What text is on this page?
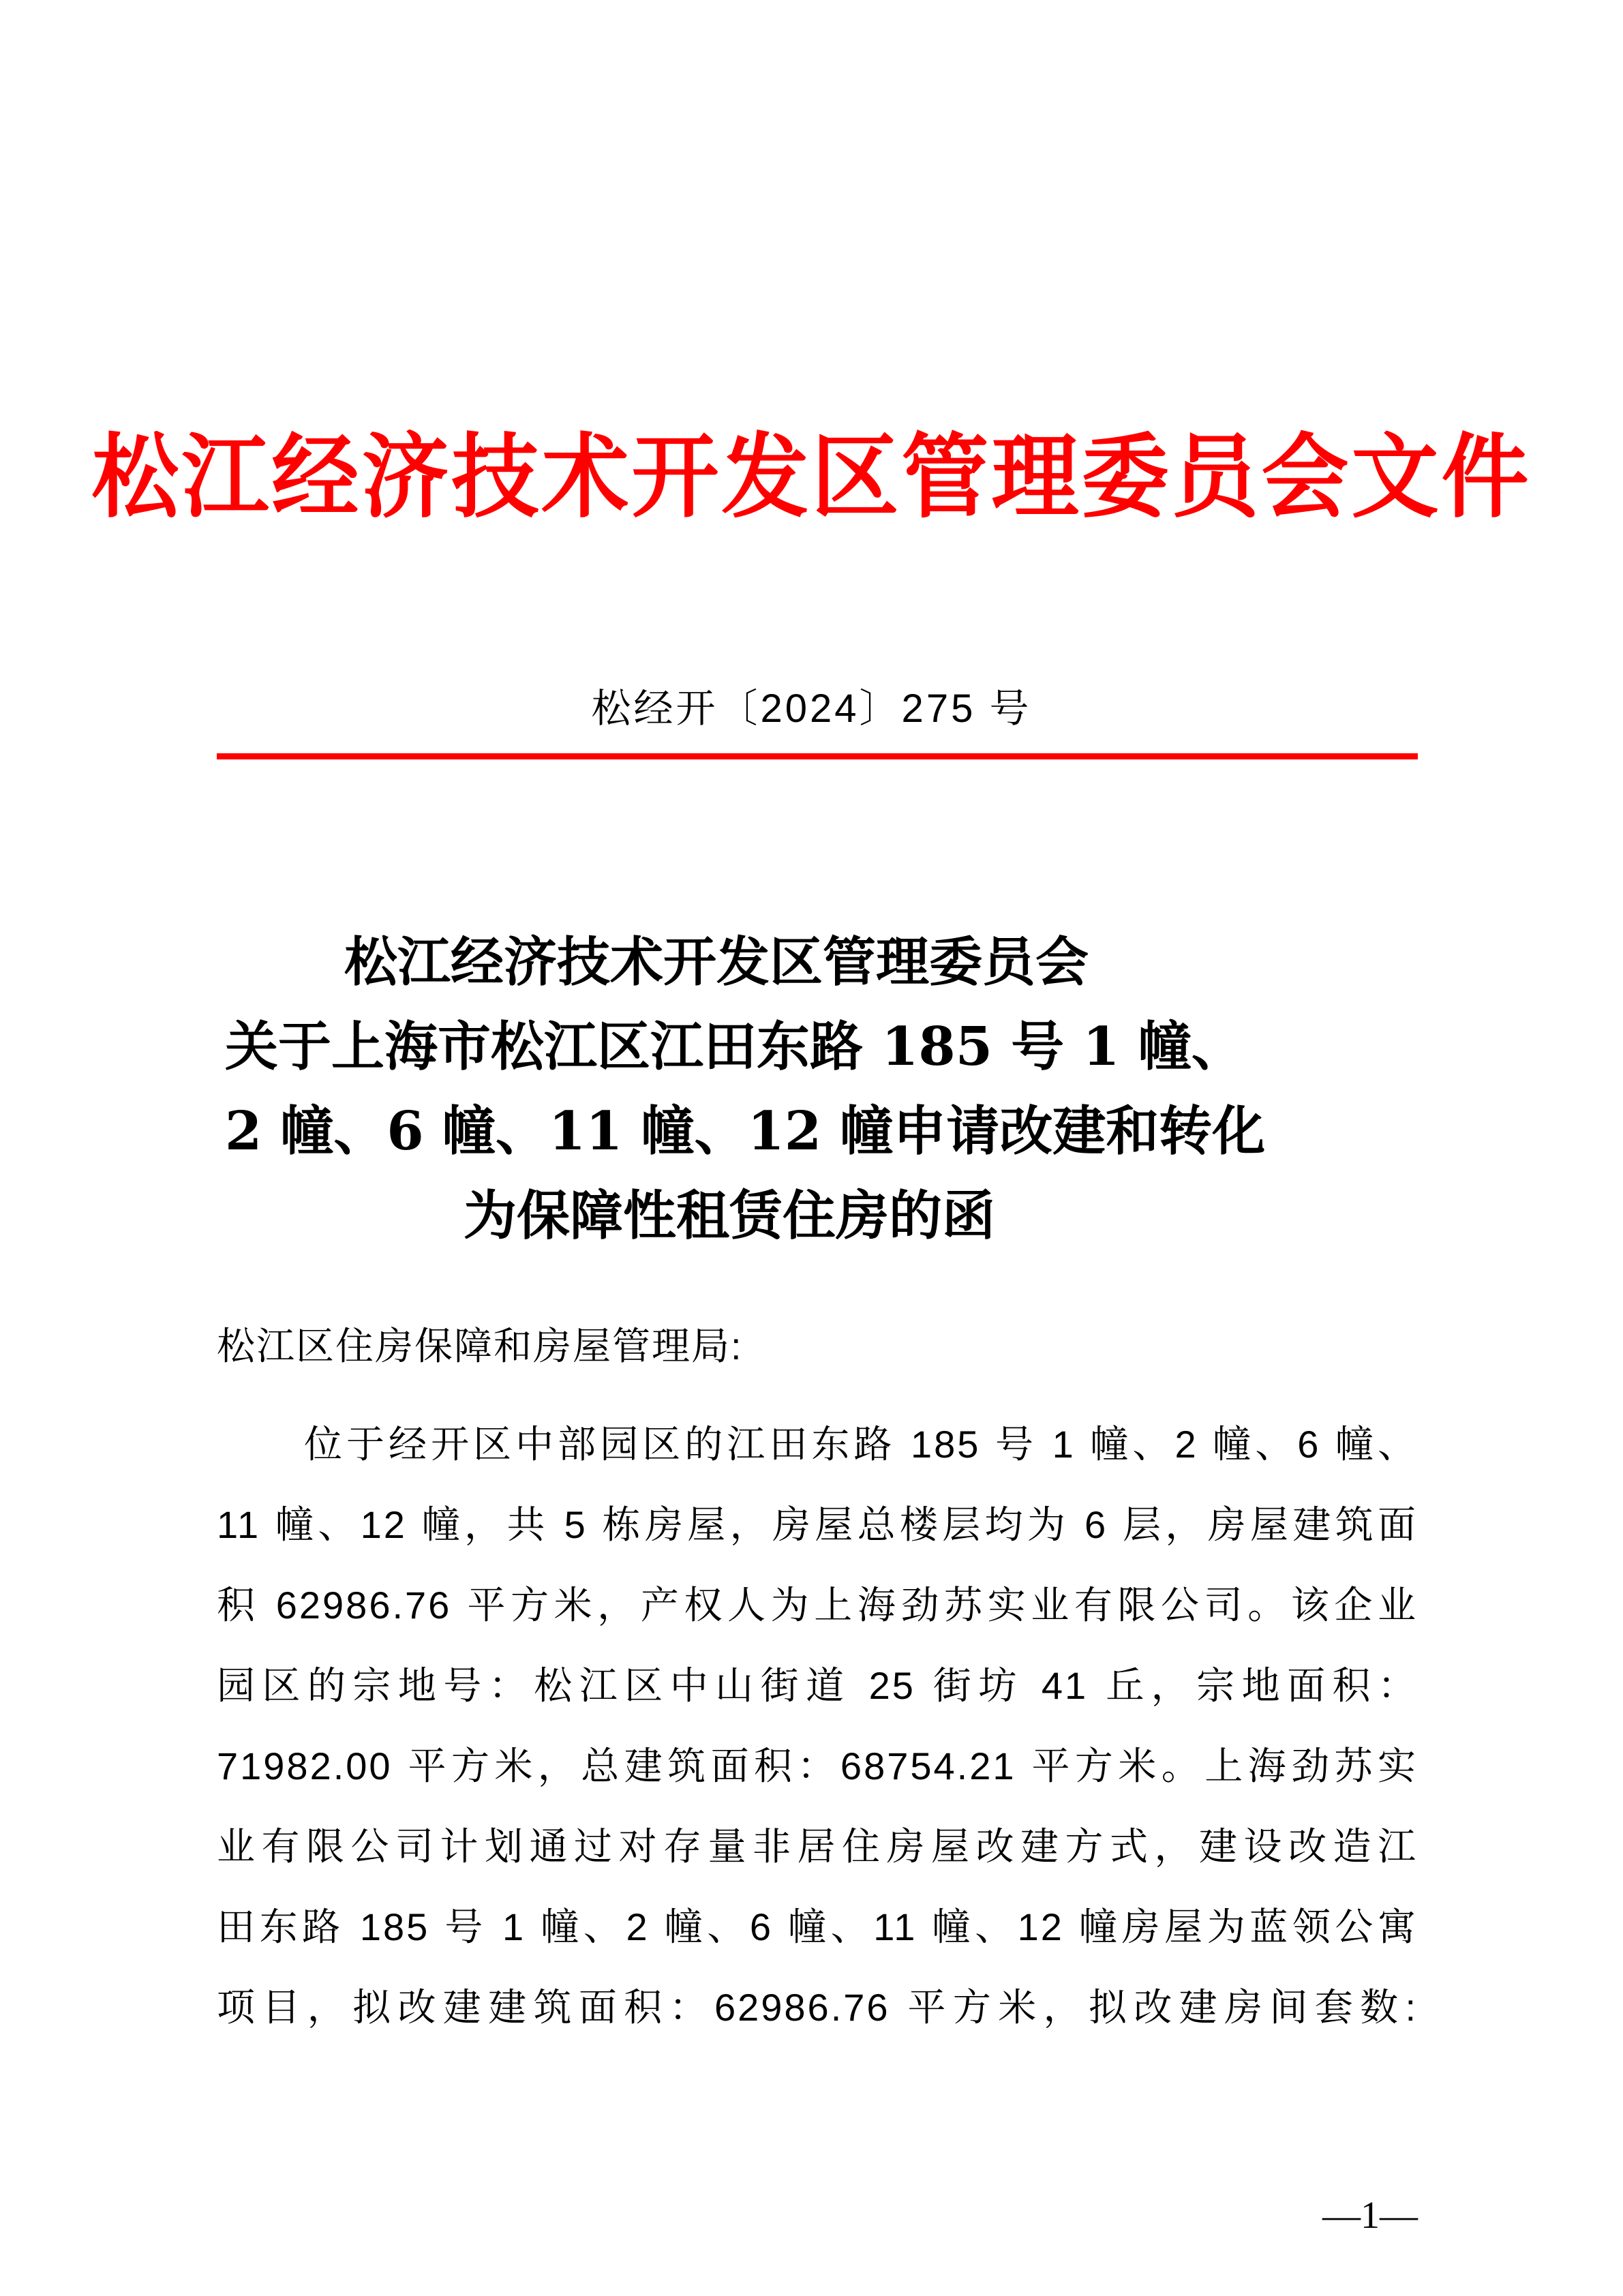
松江经济技术开发区管理委员会文件
松经开〔2024〕275 号
松江经济技术开发区管理委员会
关于上海市松江区江田东路 185 号 1 幢、
2 幢、6 幢、11 幢、12 幢申请改建和转化
为保障性租赁住房的函
松江区住房保障和房屋管理局:
位于经开区中部园区的江田东路 185 号 1 幢、2 幢、6 幢、
11 幢、12 幢，共 5 栋房屋，房屋总楼层均为 6 层，房屋建筑面
积 62986.76 平方米，产权人为上海劲苏实业有限公司。该企业
园区的宗地号：松江区中山街道 25 街坊 41 丘，宗地面积：
71982.00 平方米，总建筑面积：68754.21 平方米。上海劲苏实
业有限公司计划通过对存量非居住房屋改建方式，建设改造江
田东路 185 号 1 幢、2 幢、6 幢、11 幢、12 幢房屋为蓝领公寓
项目，拟改建建筑面积：62986.76 平方米，拟改建房间套数:
—1—
